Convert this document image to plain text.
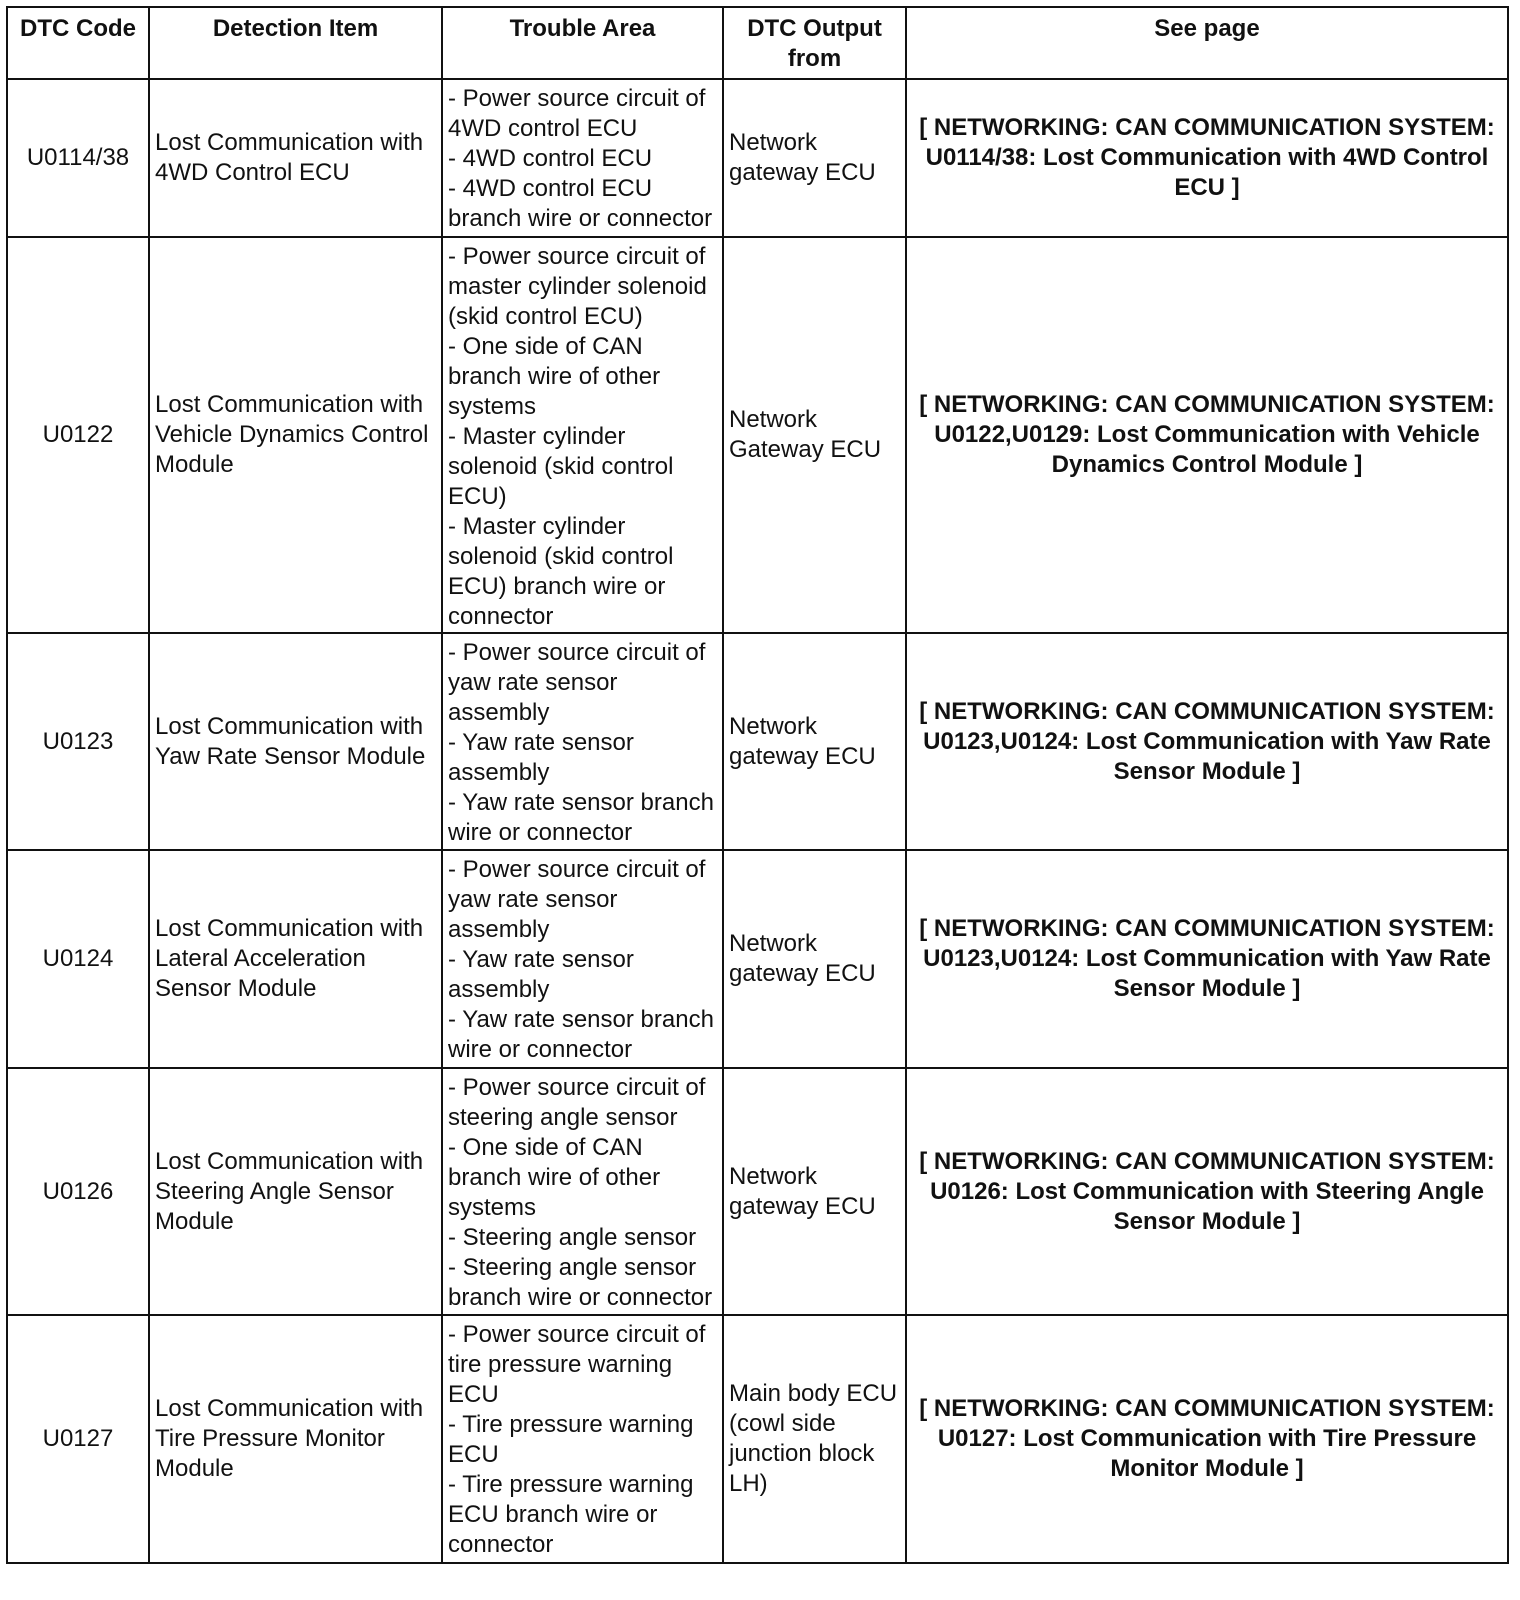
DTC Code	Detection Item	Trouble Area	DTC Output from	See page
U0114/38	Lost Communication with 4WD Control ECU	- Power source circuit of 4WD control ECU
- 4WD control ECU
- 4WD control ECU branch wire or connector	Network gateway ECU	[ NETWORKING: CAN COMMUNICATION SYSTEM: U0114/38: Lost Communication with 4WD Control ECU ]
U0122	Lost Communication with Vehicle Dynamics Control Module	- Power source circuit of master cylinder solenoid (skid control ECU)
- One side of CAN branch wire of other systems
- Master cylinder solenoid (skid control ECU)
- Master cylinder solenoid (skid control ECU) branch wire or connector	Network Gateway ECU	[ NETWORKING: CAN COMMUNICATION SYSTEM: U0122,U0129: Lost Communication with Vehicle Dynamics Control Module ]
U0123	Lost Communication with Yaw Rate Sensor Module	- Power source circuit of yaw rate sensor assembly
- Yaw rate sensor assembly
- Yaw rate sensor branch wire or connector	Network gateway ECU	[ NETWORKING: CAN COMMUNICATION SYSTEM: U0123,U0124: Lost Communication with Yaw Rate Sensor Module ]
U0124	Lost Communication with Lateral Acceleration Sensor Module	- Power source circuit of yaw rate sensor assembly
- Yaw rate sensor assembly
- Yaw rate sensor branch wire or connector	Network gateway ECU	[ NETWORKING: CAN COMMUNICATION SYSTEM: U0123,U0124: Lost Communication with Yaw Rate Sensor Module ]
U0126	Lost Communication with Steering Angle Sensor Module	- Power source circuit of steering angle sensor
- One side of CAN branch wire of other systems
- Steering angle sensor
- Steering angle sensor branch wire or connector	Network gateway ECU	[ NETWORKING: CAN COMMUNICATION SYSTEM: U0126: Lost Communication with Steering Angle Sensor Module ]
U0127	Lost Communication with Tire Pressure Monitor Module	- Power source circuit of tire pressure warning ECU
- Tire pressure warning ECU
- Tire pressure warning ECU branch wire or connector	Main body ECU (cowl side junction block LH)	[ NETWORKING: CAN COMMUNICATION SYSTEM: U0127: Lost Communication with Tire Pressure Monitor Module ]
